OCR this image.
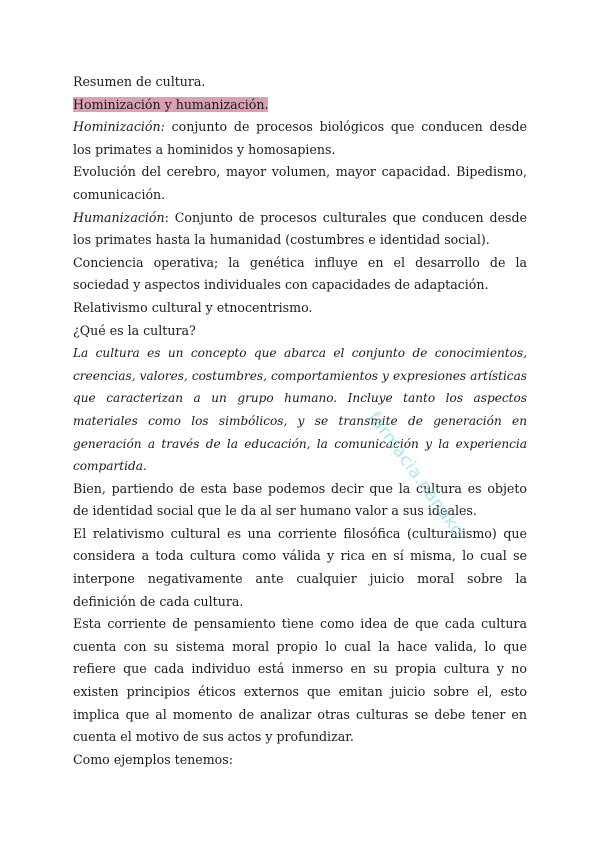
Resumen de cultura.

Hominización y humanización.

Hominización: conjunto de procesos biológicos que conducen desde los primates a hominidos y homosapiens.

Evolución del cerebro, mayor volumen, mayor capacidad. Bipedismo, comunicación.

Humanización: Conjunto de procesos culturales que conducen desde los primates hasta la humanidad (costumbres e identidad social).

Conciencia operativa; la genética influye en el desarrollo de la sociedad y aspectos individuales con capacidades de adaptación.

Relativismo cultural y etnocentrismo.

¿Qué es la cultura?

La cultura es un concepto que abarca el conjunto de conocimientos, creencias, valores, costumbres, comportamientos y expresiones artísticas que caracterizan a un grupo humano. Incluye tanto los aspectos materiales como los simbólicos, y se transmite de generación en generación a través de la educación, la comunicación y la experiencia compartida.

Bien, partiendo de esta base podemos decir que la cultura es objeto de identidad social que le da al ser humano valor a sus ideales.

El relativismo cultural es una corriente filosófica (culturalismo) que considera a toda cultura como válida y rica en sí misma, lo cual se interpone negativamente ante cualquier juicio moral sobre la definición de cada cultura.

Esta corriente de pensamiento tiene como idea de que cada cultura cuenta con su sistema moral propio lo cual la hace valida, lo que refiere que cada individuo está inmerso en su propia cultura y no existen principios éticos externos que emitan juicio sobre el, esto implica que al momento de analizar otras culturas se debe tener en cuenta el motivo de sus actos y profundizar.

Como ejemplos tenemos:

farmacia.nanako
